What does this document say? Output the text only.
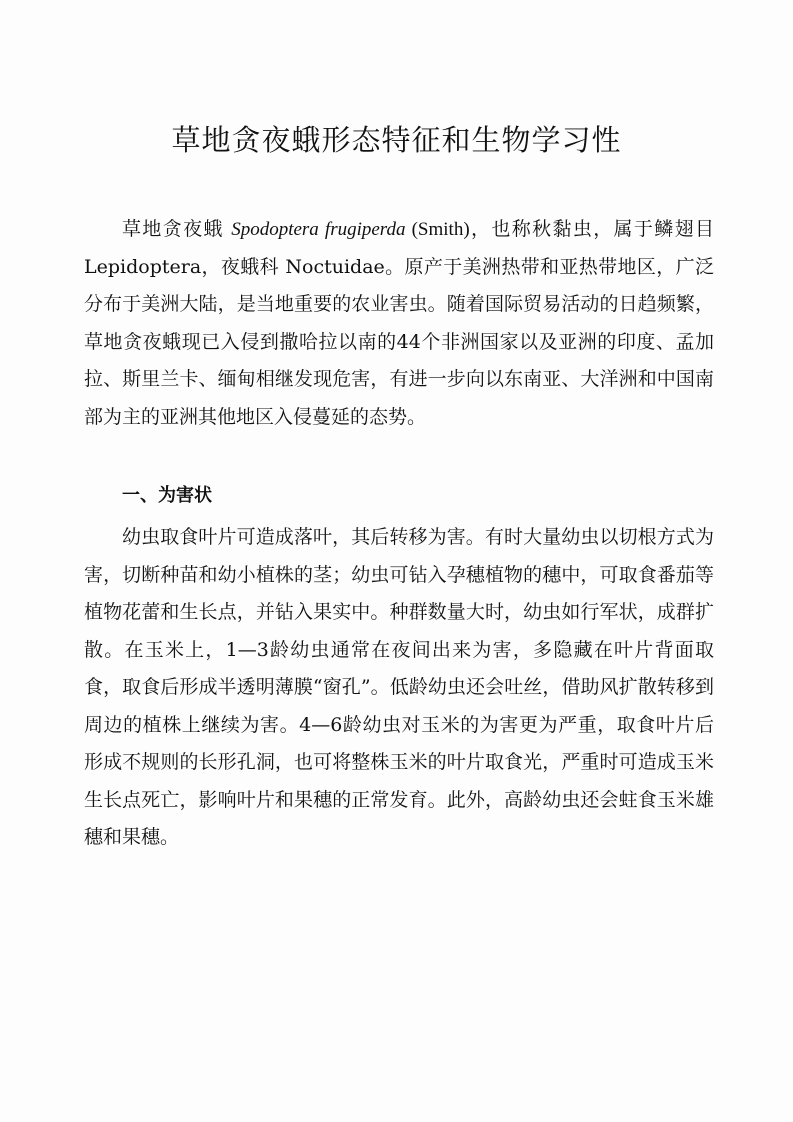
草地贪夜蛾形态特征和生物学习性

草地贪夜蛾 Spodoptera frugiperda (Smith)，也称秋黏虫，属于鳞翅目 Lepidoptera，夜蛾科 Noctuidae。原产于美洲热带和亚热带地区，广泛分布于美洲大陆，是当地重要的农业害虫。随着国际贸易活动的日趋频繁，草地贪夜蛾现已入侵到撒哈拉以南的44个非洲国家以及亚洲的印度、孟加拉、斯里兰卡、缅甸相继发现危害，有进一步向以东南亚、大洋洲和中国南部为主的亚洲其他地区入侵蔓延的态势。

一、为害状

幼虫取食叶片可造成落叶，其后转移为害。有时大量幼虫以切根方式为害，切断种苗和幼小植株的茎；幼虫可钻入孕穗植物的穗中，可取食番茄等植物花蕾和生长点，并钻入果实中。种群数量大时，幼虫如行军状，成群扩散。在玉米上，1—3龄幼虫通常在夜间出来为害，多隐藏在叶片背面取食，取食后形成半透明薄膜“窗孔”。低龄幼虫还会吐丝，借助风扩散转移到周边的植株上继续为害。4—6龄幼虫对玉米的为害更为严重，取食叶片后形成不规则的长形孔洞，也可将整株玉米的叶片取食光，严重时可造成玉米生长点死亡，影响叶片和果穗的正常发育。此外，高龄幼虫还会蛀食玉米雄穗和果穗。
